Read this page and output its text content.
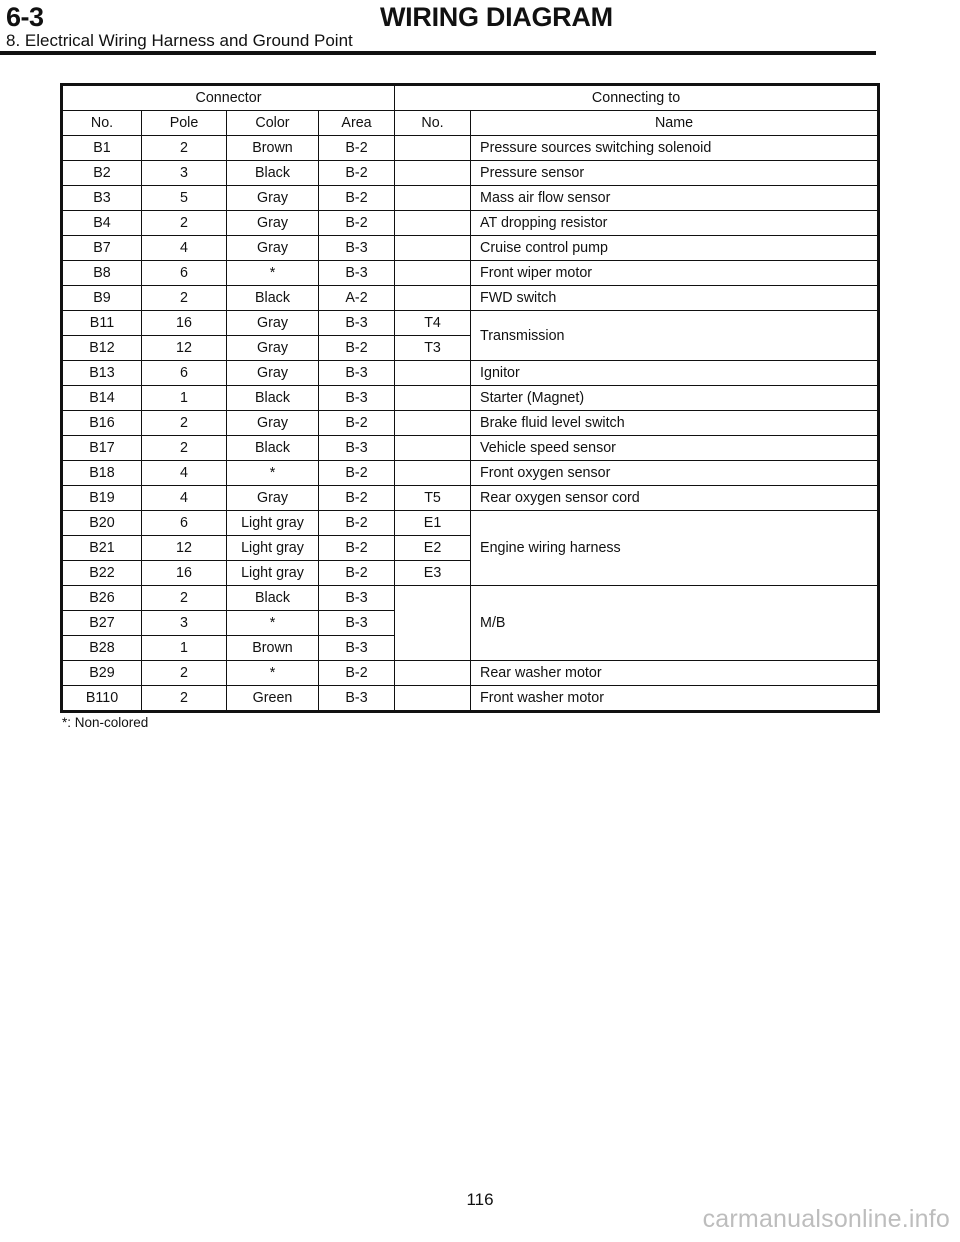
6-3	WIRING DIAGRAM
8. Electrical Wiring Harness and Ground Point
Connector				Connecting to	
No.	Pole	Color	Area	No.	Name
B1	2	Brown	B-2		Pressure sources switching solenoid
B2	3	Black	B-2		Pressure sensor
B3	5	Gray	B-2		Mass air flow sensor
B4	2	Gray	B-2		AT dropping resistor
B7	4	Gray	B-3		Cruise control pump
B8	6	*	B-3		Front wiper motor
B9	2	Black	A-2		FWD switch
B11	16	Gray	B-3	T4	Transmission
B12	12	Gray	B-2	T3	
B13	6	Gray	B-3		Ignitor
B14	1	Black	B-3		Starter (Magnet)
B16	2	Gray	B-2		Brake fluid level switch
B17	2	Black	B-3		Vehicle speed sensor
B18	4	*	B-2		Front oxygen sensor
B19	4	Gray	B-2	T5	Rear oxygen sensor cord
B20	6	Light gray	B-2	E1	Engine wiring harness
B21	12	Light gray	B-2	E2	
B22	16	Light gray	B-2	E3	
B26	2	Black	B-3		M/B
B27	3	*	B-3		
B28	1	Brown	B-3		
B29	2	*	B-2		Rear washer motor
B110	2	Green	B-3		Front washer motor
*: Non-colored
116
carmanualsonline.info
